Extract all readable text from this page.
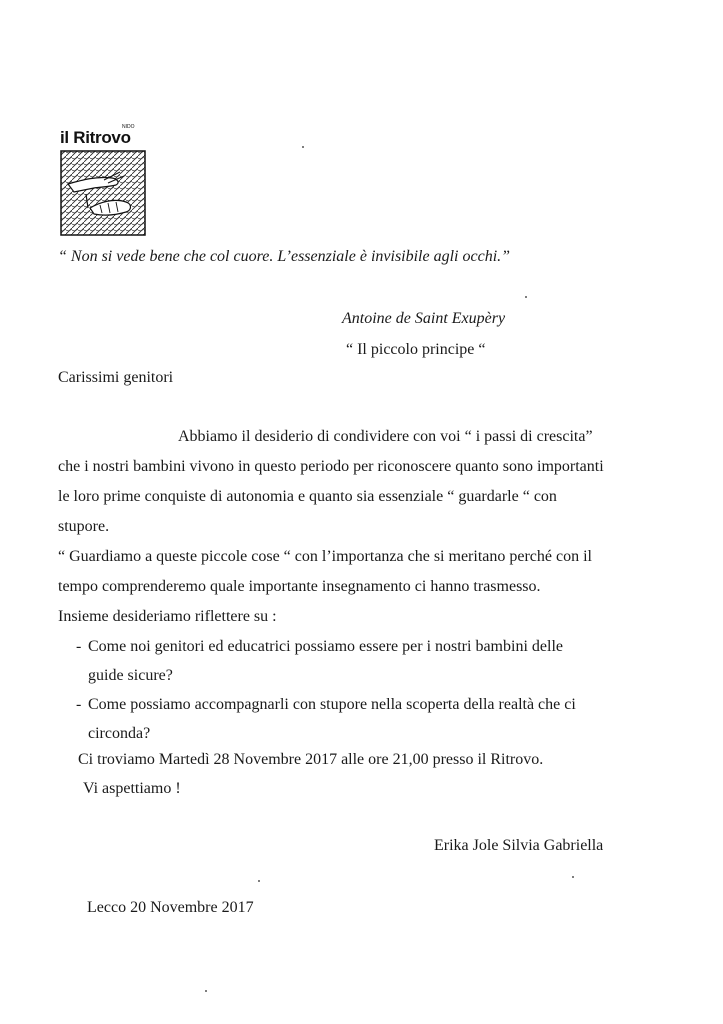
il Ritrovo
NIDO
“ Non si vede bene che col cuore. L’essenziale è invisibile agli occhi.”
Antoine de Saint Exupèry
“ Il piccolo principe “
Carissimi genitori
Abbiamo il desiderio di condividere con voi “ i passi di crescita”
che i nostri bambini vivono in questo periodo per riconoscere quanto sono importanti
le loro prime conquiste di autonomia e quanto sia essenziale “ guardarle “ con
stupore.
“ Guardiamo a queste piccole cose “ con l’importanza che si meritano perché con il
tempo comprenderemo quale importante insegnamento ci hanno trasmesso.
Insieme desideriamo riflettere su :
- Come noi genitori ed educatrici possiamo essere per i nostri bambini delle
guide sicure?
- Come possiamo accompagnarli con stupore nella scoperta della realtà che ci
circonda?
Ci troviamo Martedì 28 Novembre 2017 alle ore 21,00 presso il Ritrovo.
Vi aspettiamo !
Erika Jole Silvia Gabriella
Lecco 20 Novembre 2017
